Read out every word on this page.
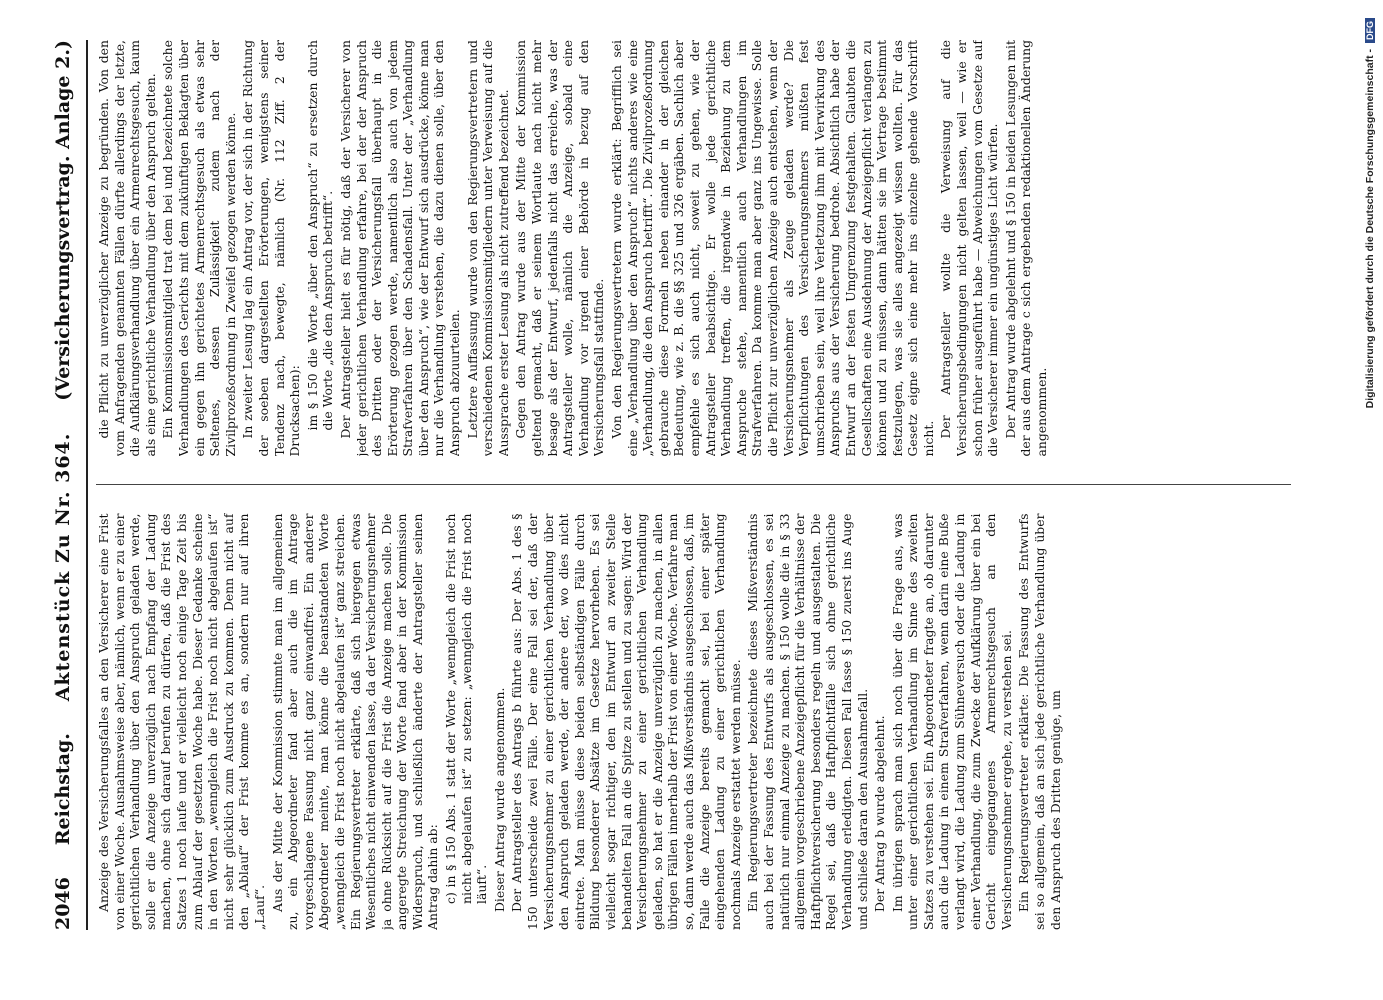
2046
Reichstag.
Aktenstück Zu Nr. 364.
(Versicherungsvertrag. Anlage 2.)

Anzeige des Versicherungsfalles an den Versicherer eine Frist von einer Woche. Ausnahmsweise aber, nämlich, wenn er zu einer gerichtlichen Verhandlung über den Anspruch geladen werde, solle er die Anzeige unverzüglich nach Empfang der Ladung machen, ohne sich darauf berufen zu dürfen, daß die Frist des Satzes 1 noch laufe und er vielleicht noch einige Tage Zeit bis zum Ablauf der gesetzten Woche habe. Dieser Gedanke scheine in den Worten „wenngleich die Frist noch nicht abgelaufen ist“ nicht sehr glücklich zum Ausdruck zu kommen. Denn nicht auf den „Ablauf“ der Frist komme es an, sondern nur auf ihren „Lauf“. Aus der Mitte der Kommission stimmte man im allgemeinen zu, ein Abgeordneter fand aber auch die im Antrage vorgeschlagene Fassung nicht ganz einwandfrei. Ein anderer Abgeordneter meinte, man könne die beanstandeten Worte „wenngleich die Frist noch nicht abgelaufen ist“ ganz streichen. Ein Regierungsvertreter erklärte, daß sich hiergegen etwas Wesentliches nicht einwenden lasse, da der Versicherungsnehmer ja ohne Rücksicht auf die Frist die Anzeige machen solle. Die angeregte Streichung der Worte fand aber in der Kommission Widerspruch, und schließlich änderte der Antragsteller seinen Antrag dahin ab: c) in § 150 Abs. 1 statt der Worte „wenngleich die Frist noch nicht abgelaufen ist“ zu setzen: „wenngleich die Frist noch läuft“. Dieser Antrag wurde angenommen. Der Antragsteller des Antrags b führte aus: Der Abs. 1 des § 150 unterscheide zwei Fälle. Der eine Fall sei der, daß der Versicherungsnehmer zu einer gerichtlichen Verhandlung über den Anspruch geladen werde, der andere der, wo dies nicht eintrete. Man müsse diese beiden selbständigen Fälle durch Bildung besonderer Absätze im Gesetze hervorheben. Es sei vielleicht sogar richtiger, den im Entwurf an zweiter Stelle behandelten Fall an die Spitze zu stellen und zu sagen: Wird der Versicherungsnehmer zu einer gerichtlichen Verhandlung geladen, so hat er die Anzeige unverzüglich zu machen, in allen übrigen Fällen innerhalb der Frist von einer Woche. Verfahre man so, dann werde auch das Mißverständnis ausgeschlossen, daß, im Falle die Anzeige bereits gemacht sei, bei einer später eingehenden Ladung zu einer gerichtlichen Verhandlung nochmals Anzeige erstattet werden müsse. Ein Regierungsvertreter bezeichnete dieses Mißverständnis auch bei der Fassung des Entwurfs als ausgeschlossen, es sei natürlich nur einmal Anzeige zu machen. § 150 wolle die in § 33 allgemein vorgeschriebene Anzeigepflicht für die Verhältnisse der Haftpflichtversicherung besonders regeln und ausgestalten. Die Regel sei, daß die Haftpflichtfälle sich ohne gerichtliche Verhandlung erledigten. Diesen Fall fasse § 150 zuerst ins Auge und schließe daran den Ausnahmefall. Der Antrag b wurde abgelehnt. Im übrigen sprach man sich noch über die Frage aus, was unter einer gerichtlichen Verhandlung im Sinne des zweiten Satzes zu verstehen sei. Ein Abgeordneter fragte an, ob darunter auch die Ladung in einem Strafverfahren, wenn darin eine Buße verlangt wird, die Ladung zum Sühneversuch oder die Ladung in einer Verhandlung, die zum Zwecke der Aufklärung über ein bei Gericht eingegangenes Armenrechtsgesuch an den Versicherungsnehmer ergehe, zu verstehen sei. Ein Regierungsvertreter erklärte: Die Fassung des Entwurfs sei so allgemein, daß an sich jede gerichtliche Verhandlung über den Anspruch des Dritten genüge, um

die Pflicht zu unverzüglicher Anzeige zu begründen. Von den vom Anfragenden genannten Fällen dürfte allerdings der letzte, die Aufklärungsverhandlung über ein Armenrechtsgesuch, kaum als eine gerichtliche Verhandlung über den Anspruch gelten. Ein Kommissionsmitglied trat dem bei und bezeichnete solche Verhandlungen des Gerichts mit dem zukünftigen Beklagten über ein gegen ihn gerichtetes Armenrechtsgesuch als etwas sehr Seltenes, dessen Zulässigkeit zudem nach der Zivilprozeßordnung in Zweifel gezogen werden könne. In zweiter Lesung lag ein Antrag vor, der sich in der Richtung der soeben dargestellten Erörterungen, wenigstens seiner Tendenz nach, bewegte, nämlich (Nr. 112 Ziff. 2 der Drucksachen): im § 150 die Worte „über den Anspruch“ zu ersetzen durch die Worte „die den Anspruch betrifft“. Der Antragsteller hielt es für nötig, daß der Versicherer von jeder gerichtlichen Verhandlung erfahre, bei der der Anspruch des Dritten oder der Versicherungsfall überhaupt in die Erörterung gezogen werde, namentlich also auch von jedem Strafverfahren über den Schadensfall. Unter der „Verhandlung über den Anspruch“, wie der Entwurf sich ausdrücke, könne man nur die Verhandlung verstehen, die dazu dienen solle, über den Anspruch abzuurteilen. Letztere Auffassung wurde von den Regierungsvertretern und verschiedenen Kommissionsmitgliedern unter Verweisung auf die Aussprache erster Lesung als nicht zutreffend bezeichnet. Gegen den Antrag wurde aus der Mitte der Kommission geltend gemacht, daß er seinem Wortlaute nach nicht mehr besage als der Entwurf, jedenfalls nicht das erreiche, was der Antragsteller wolle, nämlich die Anzeige, sobald eine Verhandlung vor irgend einer Behörde in bezug auf den Versicherungsfall stattfinde. Von den Regierungsvertretern wurde erklärt: Begrifflich sei eine „Verhandlung über den Anspruch“ nichts anderes wie eine „Verhandlung, die den Anspruch betrifft“. Die Zivilprozeßordnung gebrauche diese Formeln neben einander in der gleichen Bedeutung, wie z. B. die §§ 325 und 326 ergäben. Sachlich aber empfehle es sich auch nicht, soweit zu gehen, wie der Antragsteller beabsichtige. Er wolle jede gerichtliche Verhandlung treffen, die irgendwie in Beziehung zu dem Anspruche stehe, namentlich auch Verhandlungen im Strafverfahren. Da komme man aber ganz ins Ungewisse. Solle die Pflicht zur unverzüglichen Anzeige auch entstehen, wenn der Versicherungsnehmer als Zeuge geladen werde? Die Verpflichtungen des Versicherungsnehmers müßten fest umschrieben sein, weil ihre Verletzung ihm mit Verwirkung des Anspruchs aus der Versicherung bedrohe. Absichtlich habe der Entwurf an der festen Umgrenzung festgehalten. Glaubten die Gesellschaften eine Ausdehnung der Anzeigepflicht verlangen zu können und zu müssen, dann hätten sie im Vertrage bestimmt festzulegen, was sie alles angezeigt wissen wollten. Für das Gesetz eigne sich eine mehr ins einzelne gehende Vorschrift nicht.

Der Antragsteller wollte die Verweisung auf die Versicherungsbedingungen nicht gelten lassen, weil — wie er schon früher ausgeführt habe — Abweichungen vom Gesetze auf die Versicherer immer ein ungünstiges Licht würfen. Der Antrag wurde abgelehnt und § 150 in beiden Lesungen mit der aus dem Antrage c sich ergebenden redaktionellen Änderung angenommen.

Digitalisierung gefördert durch die Deutsche Forschungsgemeinschaft -
DFG
